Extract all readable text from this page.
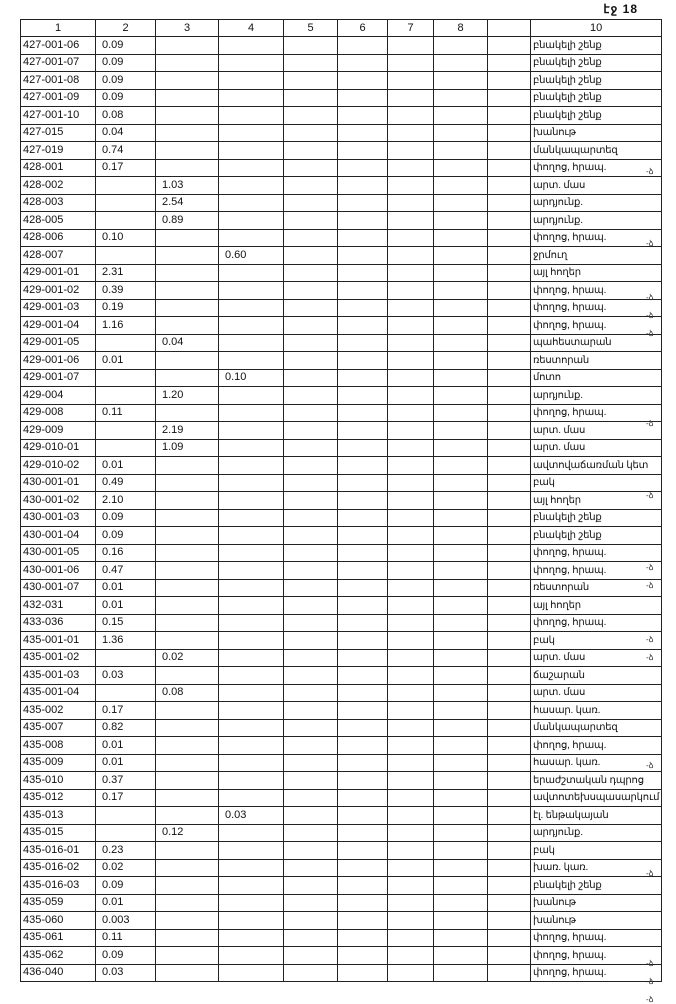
էջ 18
1	2	3	4	5	6	7	8		10
427-001-06	0.09								բնակելի շենք
427-001-07	0.09								բնակելի շենք
427-001-08	0.09								բնակելի շենք
427-001-09	0.09								բնակելի շենք
427-001-10	0.08								բնակելի շենք
427-015	0.04								խանութ
427-019	0.74								մանկապարտեզ
428-001	0.17								փողոց, հրապ.
428-002		1.03							արտ. մաս
428-003		2.54							արդյունք.
428-005		0.89							արդյունք.
428-006	0.10								փողոց, հրապ.
428-007			0.60						ջրմուղ
429-001-01	2.31								այլ հողեր
429-001-02	0.39								փողոց, հրապ.
429-001-03	0.19								փողոց, հրապ.
429-001-04	1.16								փողոց, հրապ.
429-001-05		0.04							պահեստարան
429-001-06	0.01								ռեստորան
429-001-07			0.10						մոտո
429-004		1.20							արդյունք.
429-008	0.11								փողոց, հրապ.
429-009		2.19							արտ. մաս
429-010-01		1.09							արտ. մաս
429-010-02	0.01								ավտովաճառման կետ
430-001-01	0.49								բակ
430-001-02	2.10								այլ հողեր
430-001-03	0.09								բնակելի շենք
430-001-04	0.09								բնակելի շենք
430-001-05	0.16								փողոց, հրապ.
430-001-06	0.47								փողոց, հրապ.
430-001-07	0.01								ռեստորան
432-031	0.01								այլ հողեր
433-036	0.15								փողոց, հրապ.
435-001-01	1.36								բակ
435-001-02		0.02							արտ. մաս
435-001-03	0.03								ճաշարան
435-001-04		0.08							արտ. մաս
435-002	0.17								հասար. կառ.
435-007	0.82								մանկապարտեզ
435-008	0.01								փողոց, հրապ.
435-009	0.01								հասար. կառ.
435-010	0.37								երաժշտական դպրոց
435-012	0.17								ավտոտեխսպասարկում
435-013			0.03						էլ. ենթակայան
435-015		0.12							արդյունք.
435-016-01	0.23								բակ
435-016-02	0.02								խառ. կառ.
435-016-03	0.09								բնակելի շենք
435-059	0.01								խանութ
435-060	0.003								խանութ
435-061	0.11								փողոց, հրապ.
435-062	0.09								փողոց, հրապ.
436-040	0.03								փողոց, հրապ.
-ձ
-ձ
-ձ
-ձ
-ձ
-ձ
-ձ
-ձ
-ձ
-ձ
-ձ
-ձ
-ձ
-ձ
-ձ
-ձ
